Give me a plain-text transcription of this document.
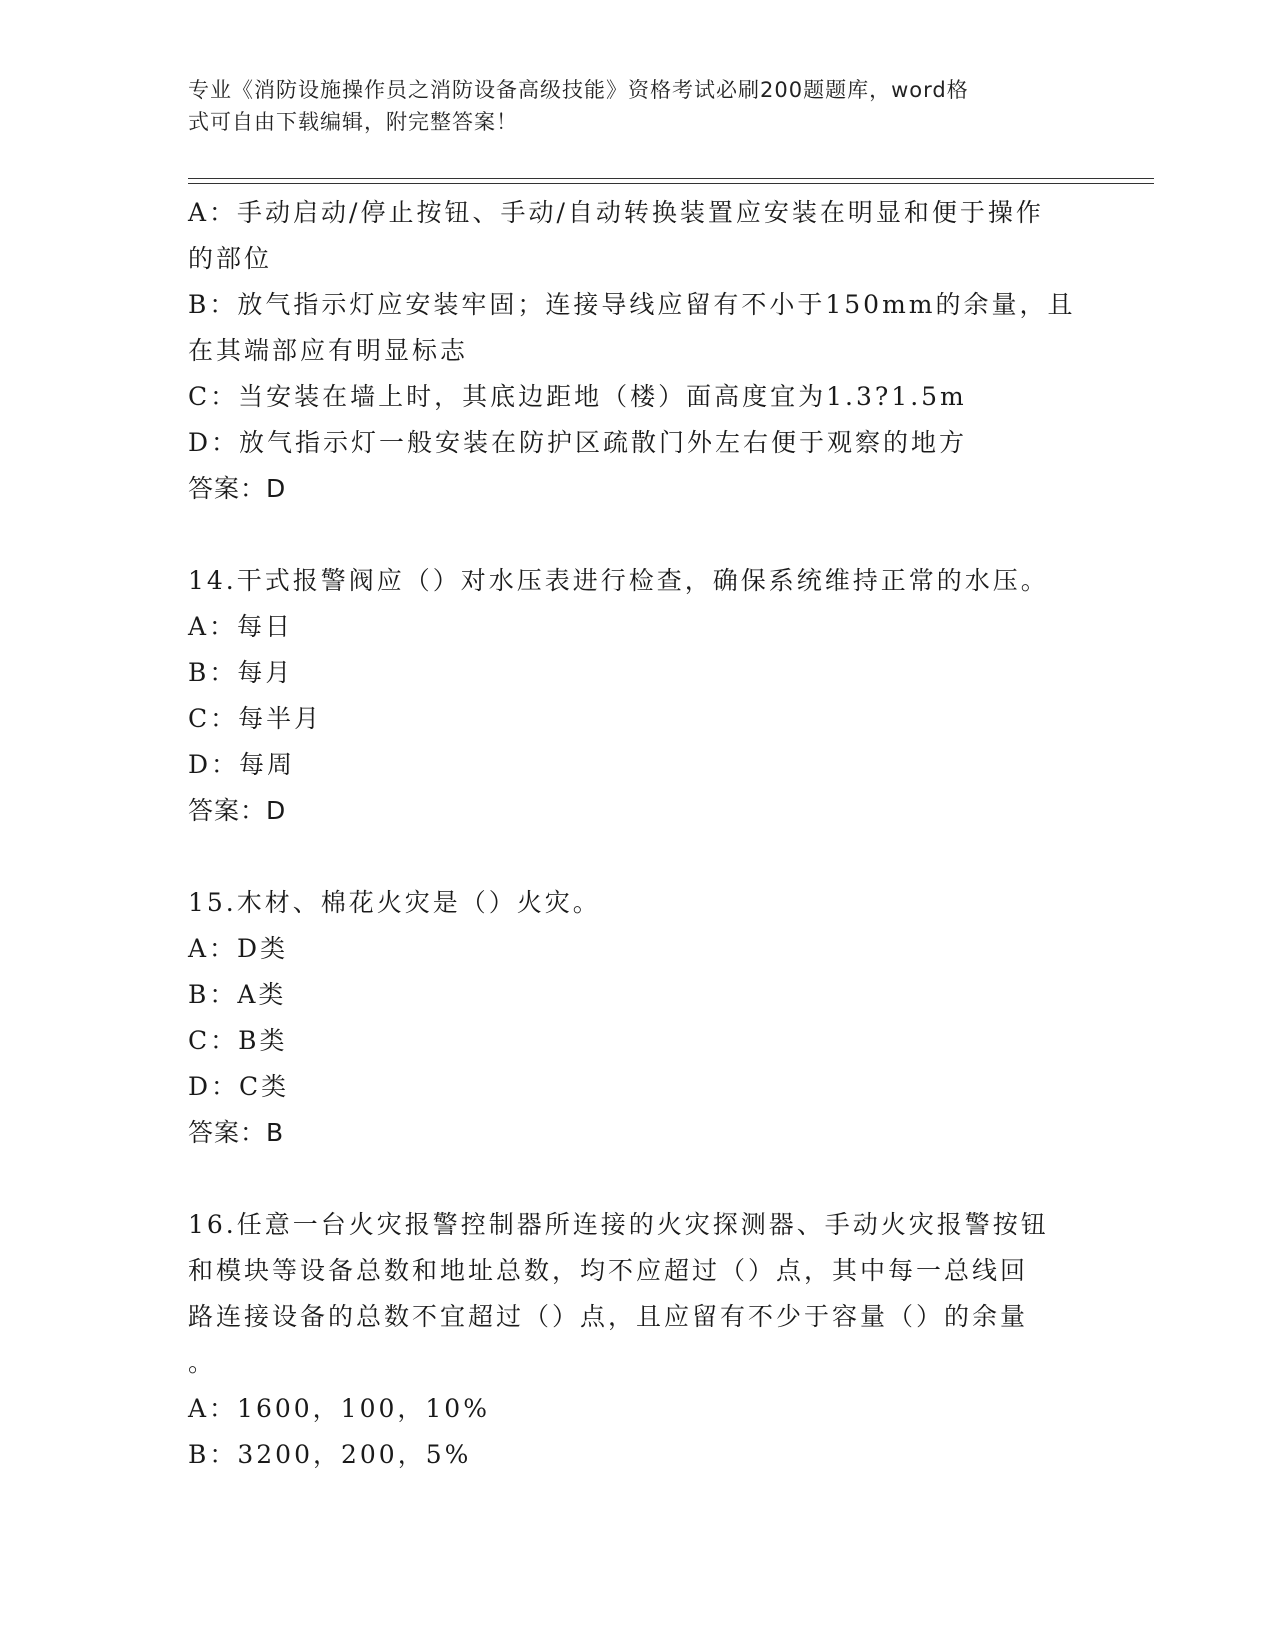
专业《消防设施操作员之消防设备高级技能》资格考试必刷200题题库，word格
式可自由下载编辑，附完整答案！
A：手动启动/停止按钮、手动/自动转换装置应安装在明显和便于操作
的部位
B：放气指示灯应安装牢固；连接导线应留有不小于150mm的余量，且
在其端部应有明显标志
C：当安装在墙上时，其底边距地（楼）面高度宜为1.3?1.5m
D：放气指示灯一般安装在防护区疏散门外左右便于观察的地方
答案：D
14.干式报警阀应（）对水压表进行检查，确保系统维持正常的水压。
A：每日
B：每月
C：每半月
D：每周
答案：D
15.木材、棉花火灾是（）火灾。
A：D类
B：A类
C：B类
D：C类
答案：B
16.任意一台火灾报警控制器所连接的火灾探测器、手动火灾报警按钮
和模块等设备总数和地址总数，均不应超过（）点，其中每一总线回
路连接设备的总数不宜超过（）点，且应留有不少于容量（）的余量
。
A：1600，100，10%
B：3200，200，5%
